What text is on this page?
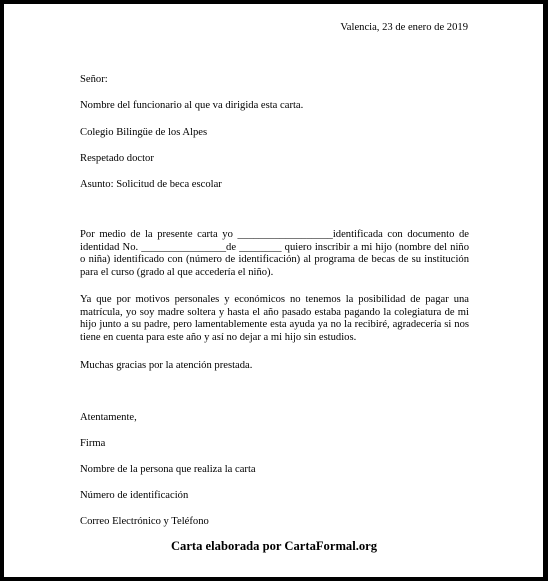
Valencia, 23 de enero de 2019

Señor:

Nombre del funcionario al que va dirigida esta carta.

Colegio Bilingüe de los Alpes

Respetado doctor

Asunto: Solicitud de beca escolar

Por medio de la presente carta yo __________________identificada con documento de identidad No. ________________de ________ quiero inscribir a mi hijo (nombre del niño o niña) identificado con (número de identificación) al programa de becas de su institución para el curso (grado al que accedería el niño).

Ya que por motivos personales y económicos no tenemos la posibilidad de pagar una matrícula, yo soy madre soltera y hasta el año pasado estaba pagando la colegiatura de mi hijo junto a su padre, pero lamentablemente esta ayuda ya no la recibiré, agradecería si nos tiene en cuenta para este año y así no dejar a mi hijo sin estudios.

Muchas gracias por la atención prestada.

Atentamente,

Firma

Nombre de la persona que realiza la carta

Número de identificación

Correo Electrónico y Teléfono

Carta elaborada por CartaFormal.org
